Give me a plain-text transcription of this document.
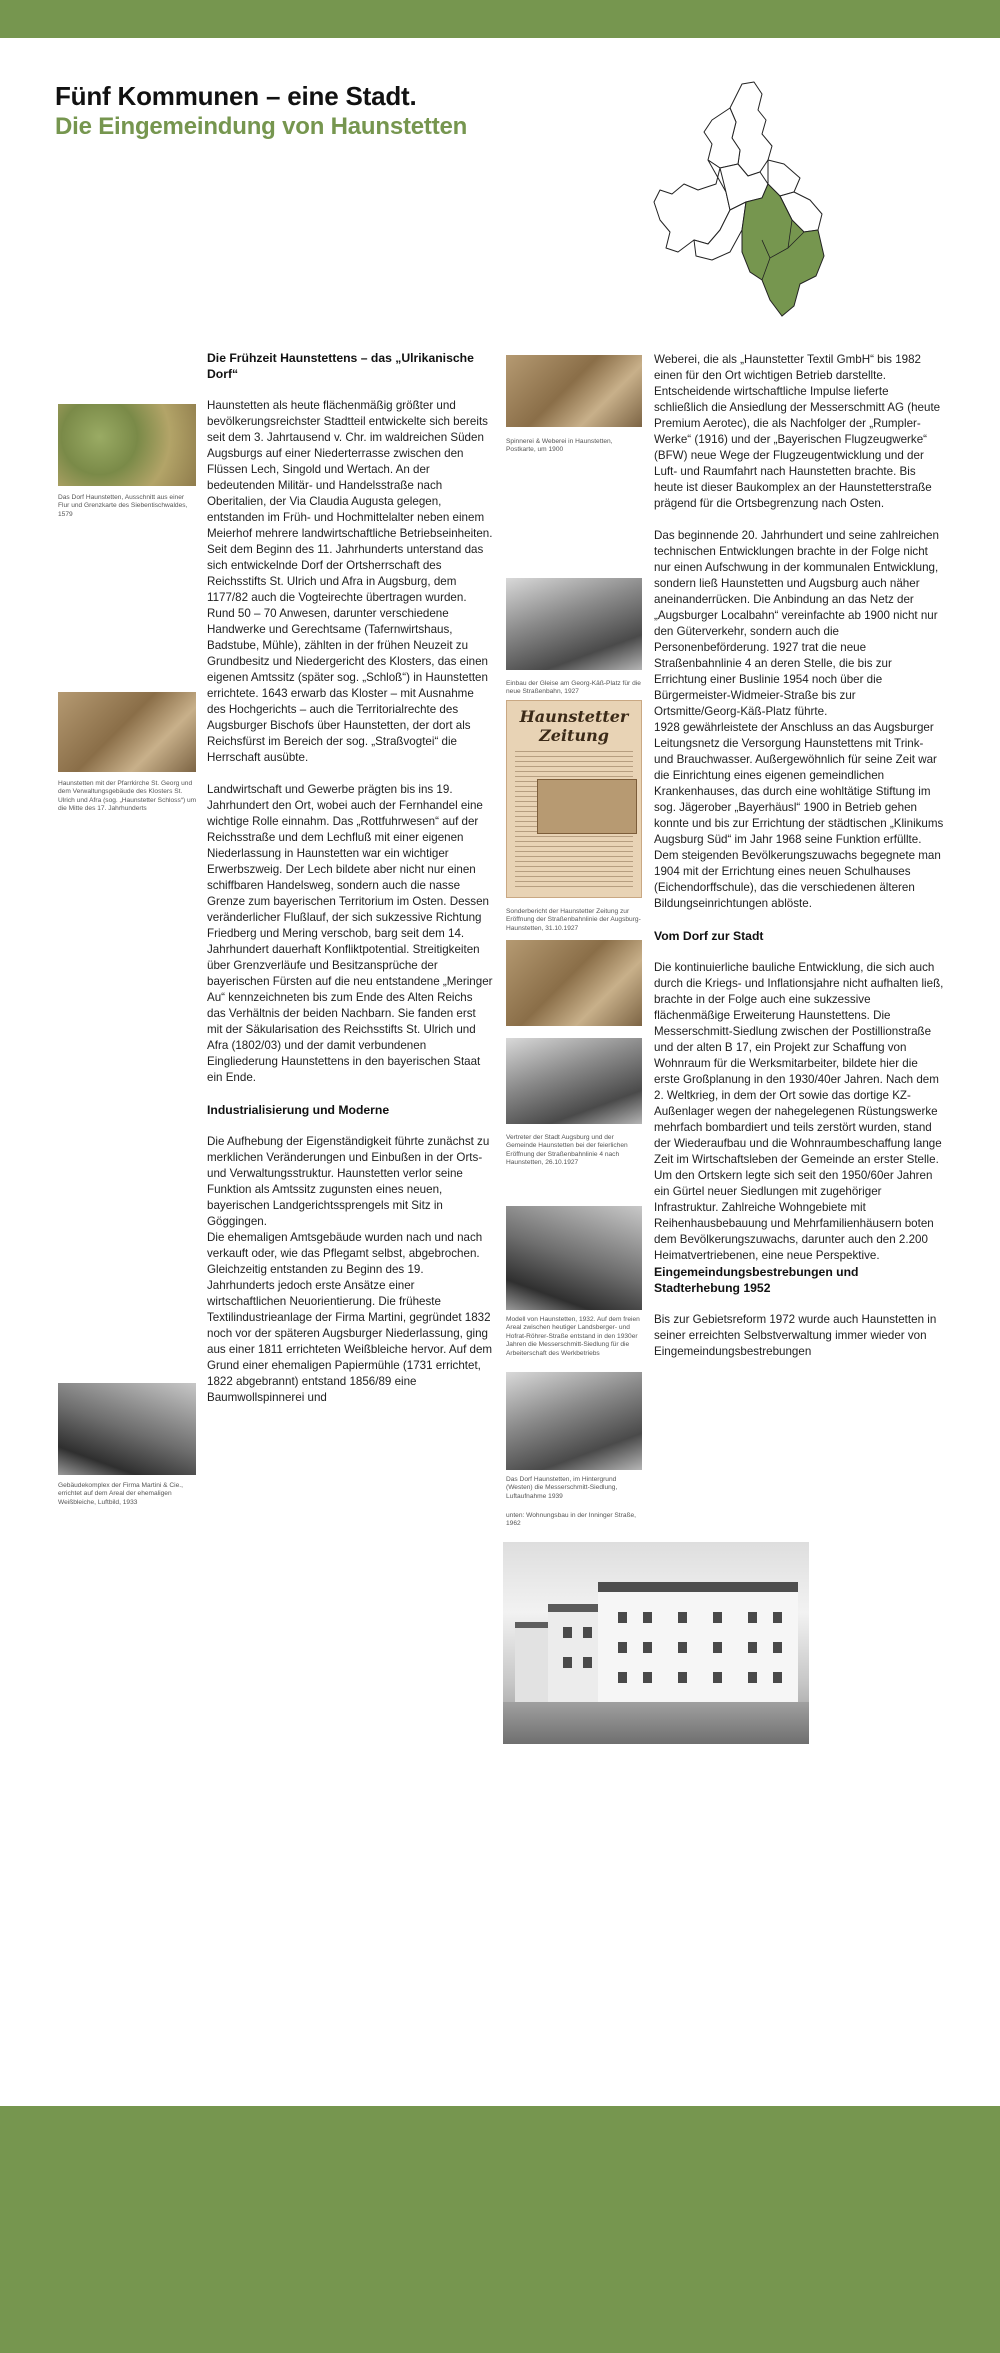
Fünf Kommunen – eine Stadt.
Die Eingemeindung von Haunstetten
Das Dorf Haunstetten, Ausschnitt aus einer Flur und Grenzkarte des Siebentischwaldes, 1579
Haunstetten mit der Pfarrkirche St. Georg und dem Verwaltungsgebäude des Klosters St. Ulrich und Afra (sog. „Haunstetter Schloss“) um die Mitte des 17. Jahrhunderts
Gebäudekomplex der Firma Martini & Cie., errichtet auf dem Areal der ehemaligen Weißbleiche, Luftbild, 1933
Die Frühzeit Haunstettens – das „Ulrikanische Dorf“

Haunstetten als heute flächenmäßig größter und bevölkerungsreichster Stadtteil entwickelte sich bereits seit dem 3. Jahrtausend v. Chr. im waldreichen Süden Augsburgs auf einer Niederterrasse zwischen den Flüssen Lech, Singold und Wertach. An der bedeutenden Militär- und Handelsstraße nach Oberitalien, der Via Claudia Augusta gelegen, entstanden im Früh- und Hochmittelalter neben einem Meierhof mehrere landwirtschaftliche Betriebseinheiten. Seit dem Beginn des 11. Jahrhunderts unterstand das sich entwickelnde Dorf der Ortsherrschaft des Reichsstifts St. Ulrich und Afra in Augsburg, dem 1177/82 auch die Vogteirechte übertragen wurden. Rund 50 – 70 Anwesen, darunter verschiedene Handwerke und Gerechtsame (Tafernwirtshaus, Badstube, Mühle), zählten in der frühen Neuzeit zu Grundbesitz und Niedergericht des Klosters, das einen eigenen Amtssitz (später sog. „Schloß“) in Haunstetten errichtete. 1643 erwarb das Kloster – mit Ausnahme des Hochgerichts – auch die Territorialrechte des Augsburger Bischofs über Haunstetten, der dort als Reichsfürst im Bereich der sog. „Straßvogtei“ die Herrschaft ausübte.

Landwirtschaft und Gewerbe prägten bis ins 19. Jahrhundert den Ort, wobei auch der Fernhandel eine wichtige Rolle einnahm. Das „Rottfuhrwesen“ auf der Reichsstraße und dem Lechfluß mit einer eigenen Niederlassung in Haunstetten war ein wichtiger Erwerbszweig. Der Lech bildete aber nicht nur einen schiffbaren Handelsweg, sondern auch die nasse Grenze zum bayerischen Territorium im Osten. Dessen veränderlicher Flußlauf, der sich sukzessive Richtung Friedberg und Mering verschob, barg seit dem 14. Jahrhundert dauerhaft Konfliktpotential. Streitigkeiten über Grenzverläufe und Besitzansprüche der bayerischen Fürsten auf die neu entstandene „Meringer Au“ kennzeichneten bis zum Ende des Alten Reichs das Verhältnis der beiden Nachbarn. Sie fanden erst mit der Säkularisation des Reichsstifts St. Ulrich und Afra (1802/03) und der damit verbundenen Eingliederung Haunstettens in den bayerischen Staat ein Ende.

Industrialisierung und Moderne
Die Aufhebung der Eigenständigkeit führte zunächst zu merklichen Veränderungen und Einbußen in der Orts- und Verwaltungsstruktur. Haunstetten verlor seine Funktion als Amtssitz zugunsten eines neuen, bayerischen Landgerichtssprengels mit Sitz in Göggingen.
Die ehemaligen Amtsgebäude wurden nach und nach verkauft oder, wie das Pflegamt selbst, abgebrochen.
Gleichzeitig entstanden zu Beginn des 19. Jahrhunderts jedoch erste Ansätze einer wirtschaftlichen Neuorientierung. Die früheste Textilindustrieanlage der Firma Martini, gegründet 1832 noch vor der späteren Augsburger Niederlassung, ging aus einer 1811 errichteten Weißbleiche hervor. Auf dem Grund einer ehemaligen Papiermühle (1731 errichtet, 1822 abgebrannt) entstand 1856/89 eine Baumwollspinnerei und
Spinnerei & Weberei in Haunstetten, Postkarte, um 1900
Einbau der Gleise am Georg-Käß-Platz für die neue Straßenbahn, 1927
Haunstetter Zeitung
Sonderbericht der Haunstetter Zeitung zur Eröffnung der Straßenbahnlinie der Augsburg-Haunstetten, 31.10.1927
Vertreter der Stadt Augsburg und der Gemeinde Haunstetten bei der feierlichen Eröffnung der Straßenbahnlinie 4 nach Haunstetten, 26.10.1927
Modell von Haunstetten, 1932. Auf dem freien Areal zwischen heutiger Landsberger- und Hofrat-Röhrer-Straße entstand in den 1930er Jahren die Messerschmitt-Siedlung für die Arbeiterschaft des Werkbetriebs
Das Dorf Haunstetten, im Hintergrund (Westen) die Messerschmitt-Siedlung, Luftaufnahme 1939
unten: Wohnungsbau in der Inninger Straße, 1962

Weberei, die als „Haunstetter Textil GmbH“ bis 1982 einen für den Ort wichtigen Betrieb darstellte. Entscheidende wirtschaftliche Impulse lieferte schließlich die Ansiedlung der Messerschmitt AG (heute Premium Aerotec), die als Nachfolger der „Rumpler-Werke“ (1916) und der „Bayerischen Flugzeugwerke“ (BFW) neue Wege der Flugzeugentwicklung und der Luft- und Raumfahrt nach Haunstetten brachte. Bis heute ist dieser Baukomplex an der Haunstetterstraße prägend für die Ortsbegrenzung nach Osten.

Das beginnende 20. Jahrhundert und seine zahlreichen technischen Entwicklungen brachte in der Folge nicht nur einen Aufschwung in der kommunalen Entwicklung, sondern ließ Haunstetten und Augsburg auch näher aneinanderrücken. Die Anbindung an das Netz der „Augsburger Localbahn“ vereinfachte ab 1900 nicht nur den Güterverkehr, sondern auch die Personenbeförderung. 1927 trat die neue Straßenbahnlinie 4 an deren Stelle, die bis zur Errichtung einer Buslinie 1954 noch über die Bürgermeister-Widmeier-Straße bis zur Ortsmitte/Georg-Käß-Platz führte.

1928 gewährleistete der Anschluss an das Augsburger Leitungsnetz die Versorgung Haunstettens mit Trink- und Brauchwasser. Außergewöhnlich für seine Zeit war die Einrichtung eines eigenen gemeindlichen Krankenhauses, das durch eine wohltätige Stiftung im sog. Jägerober „Bayerhäusl“ 1900 in Betrieb gehen konnte und bis zur Errichtung der städtischen „Klinikums Augsburg Süd“ im Jahr 1968 seine Funktion erfüllte. Dem steigenden Bevölkerungszuwachs begegnete man 1904 mit der Errichtung eines neuen Schulhauses (Eichendorffschule), das die verschiedenen älteren Bildungseinrichtungen ablöste.

Vom Dorf zur Stadt
Die kontinuierliche bauliche Entwicklung, die sich auch durch die Kriegs- und Inflationsjahre nicht aufhalten ließ, brachte in der Folge auch eine sukzessive flächenmäßige Erweiterung Haunstettens. Die Messerschmitt-Siedlung zwischen der Postillionstraße und der alten B 17, ein Projekt zur Schaffung von Wohnraum für die Werksmitarbeiter, bildete hier die erste Großplanung in den 1930/40er Jahren. Nach dem 2. Weltkrieg, in dem der Ort sowie das dortige KZ-Außenlager wegen der nahegelegenen Rüstungswerke mehrfach bombardiert und teils zerstört wurden, stand der Wiederaufbau und die Wohnraumbeschaffung lange Zeit im Wirtschaftsleben der Gemeinde an erster Stelle. Um den Ortskern legte sich seit den 1950/60er Jahren ein Gürtel neuer Siedlungen mit zugehöriger Infrastruktur. Zahlreiche Wohngebiete mit Reihenhausbebauung und Mehrfamilienhäusern boten dem Bevölkerungszuwachs, darunter auch den 2.200 Heimatvertriebenen, eine neue Perspektive.
Eingemeindungsbestrebungen und Stadterhebung 1952

Bis zur Gebietsreform 1972 wurde auch Haunstetten in seiner erreichten Selbstverwaltung immer wieder von Eingemeindungsbestrebungen
